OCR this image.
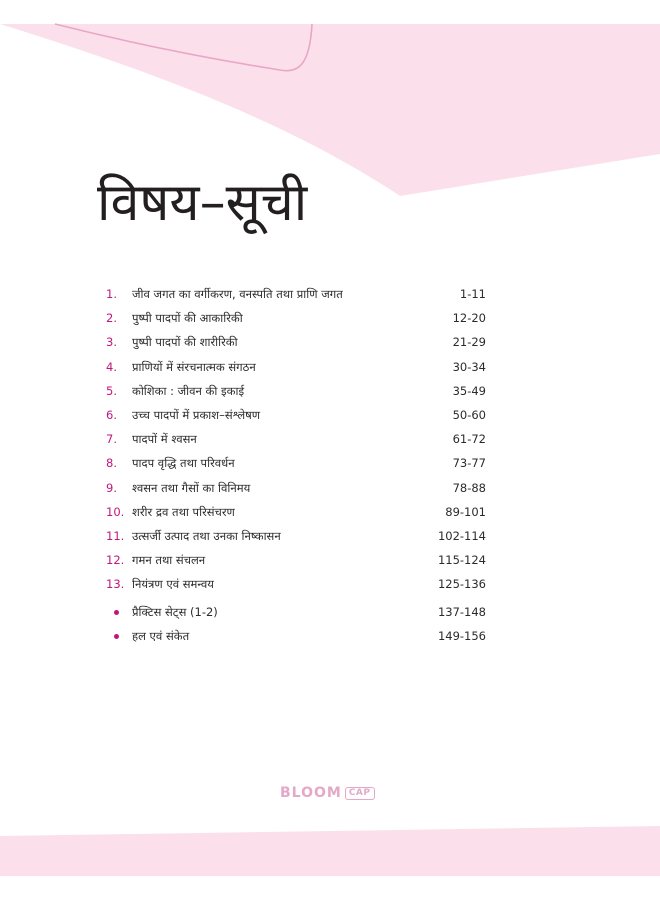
विषय–सूची
1.	जीव जगत का वर्गीकरण, वनस्पति तथा प्राणि जगत	1-11
2.	पुष्पी पादपों की आकारिकी	12-20
3.	पुष्पी पादपों की शारीरिकी	21-29
4.	प्राणियों में संरचनात्मक संगठन	30-34
5.	कोशिका : जीवन की इकाई	35-49
6.	उच्च पादपों में प्रकाश–संश्लेषण	50-60
7.	पादपों में श्वसन	61-72
8.	पादप वृद्धि तथा परिवर्धन	73-77
9.	श्वसन तथा गैसों का विनिमय	78-88
10. शरीर द्रव तथा परिसंचरण	89-101
11. उत्सर्जी उत्पाद तथा उनका निष्कासन	102-114
12. गमन तथा संचलन	115-124
13. नियंत्रण एवं समन्वय	125-136
प्रैक्टिस सेट्स (1-2)	137-148
हल एवं संकेत	149-156
BLOOM CAP
